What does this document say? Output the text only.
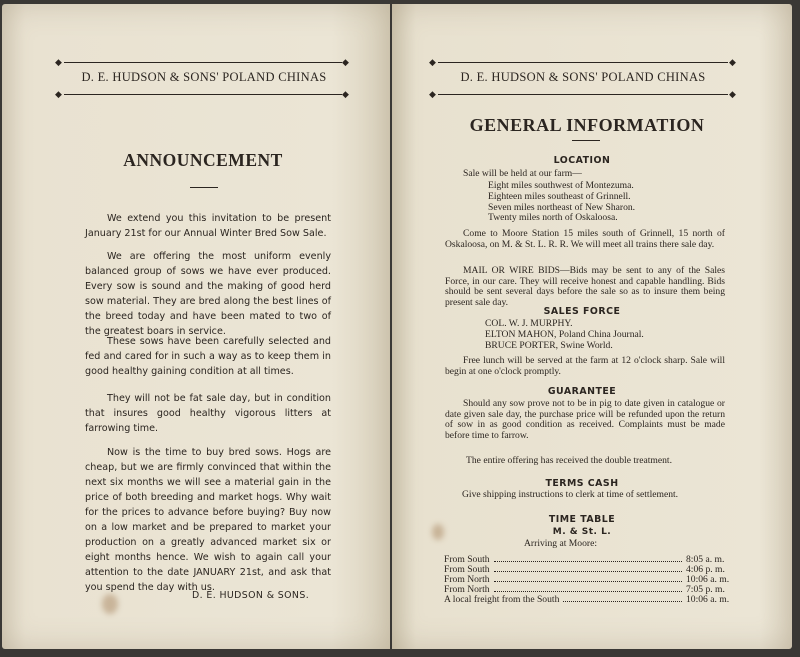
◆	◆
D. E. HUDSON & SONS' POLAND CHINAS
◆	◆
ANNOUNCEMENT
We extend you this invitation to be present January 21st for our Annual Winter Bred Sow Sale.
We are offering the most uniform evenly balanced group of sows we have ever produced. Every sow is sound and the making of good herd sow material. They are bred along the best lines of the breed today and have been mated to two of the greatest boars in service.
These sows have been carefully selected and fed and cared for in such a way as to keep them in good healthy gaining condition at all times.
They will not be fat sale day, but in condition that insures good healthy vigorous litters at farrowing time.
Now is the time to buy bred sows. Hogs are cheap, but we are firmly convinced that within the next six months we will see a material gain in the price of both breeding and market hogs. Why wait for the prices to advance before buying? Buy now on a low market and be prepared to market your production on a greatly advanced market six or eight months hence. We wish to again call your attention to the date JANUARY 21st, and ask that you spend the day with us.
D. E. HUDSON & SONS.
◆	◆
D. E. HUDSON & SONS' POLAND CHINAS
◆	◆
GENERAL INFORMATION
LOCATION
Sale will be held at our farm—
Eight miles southwest of Montezuma.
Eighteen miles southeast of Grinnell.
Seven miles northeast of New Sharon.
Twenty miles north of Oskaloosa.
Come to Moore Station 15 miles south of Grinnell, 15 north of Oskaloosa, on M. & St. L. R. R. We will meet all trains there sale day.
MAIL OR WIRE BIDS—Bids may be sent to any of the Sales Force, in our care. They will receive honest and capable handling. Bids should be sent several days before the sale so as to insure them being present sale day.
SALES FORCE
COL. W. J. MURPHY.
ELTON MAHON, Poland China Journal.
BRUCE PORTER, Swine World.
Free lunch will be served at the farm at 12 o'clock sharp. Sale will begin at one o'clock promptly.
GUARANTEE
Should any sow prove not to be in pig to date given in catalogue or date given sale day, the purchase price will be refunded upon the return of sow in as good condition as received. Complaints must be made before time to farrow.
The entire offering has received the double treatment.
TERMS CASH
Give shipping instructions to clerk at time of settlement.
TIME TABLE
M. & St. L.
Arriving at Moore:
From South	8:05 a. m.
From South	4:06 p. m.
From North	10:06 a. m.
From North	7:05 p. m.
A local freight from the South	10:06 a. m.
